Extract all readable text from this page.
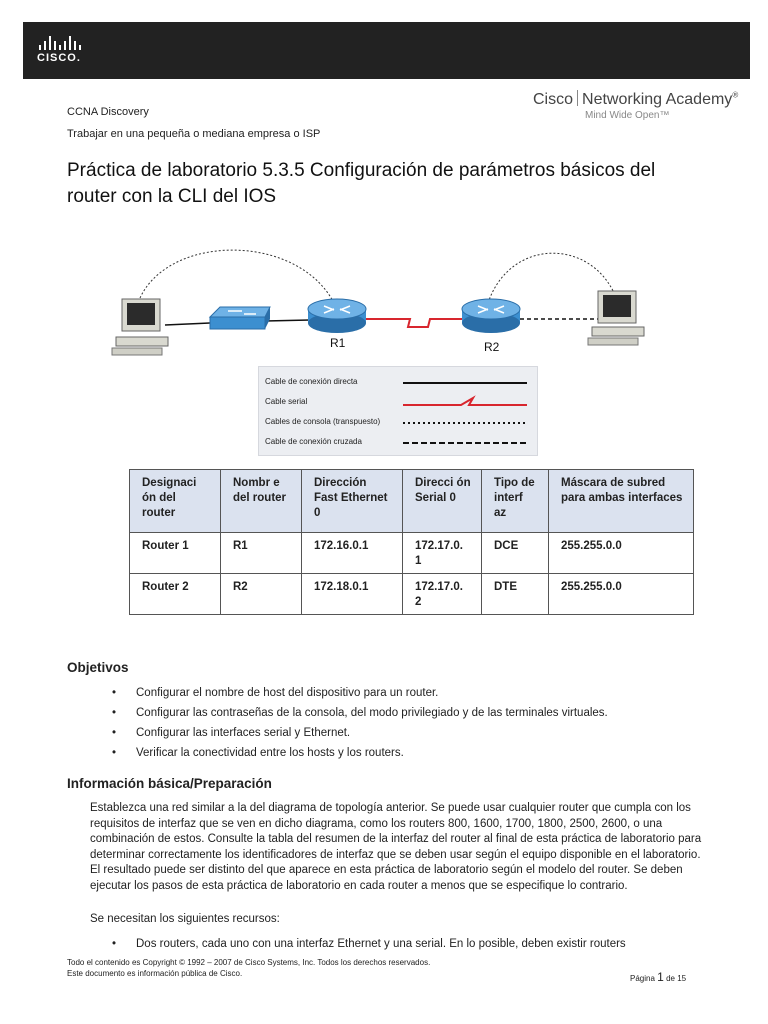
CISCO.
CCNA Discovery
Trabajar en una pequeña o mediana empresa o ISP
Cisco Networking Academy®
Mind Wide Open™
Práctica de laboratorio 5.3.5 Configuración de parámetros básicos del router con la CLI del IOS
R1	R2
Cable de conexión directa
Cable serial
Cables de consola (transpuesto)
Cable de conexión cruzada
Designaci ón del router	Nombr e del router	Dirección Fast Ethernet 0	Direcci ón Serial 0	Tipo de interf az	Máscara de subred para ambas interfaces
Router 1	R1	172.16.0.1	172.17.0. 1	DCE	255.255.0.0
Router 2	R2	172.18.0.1	172.17.0. 2	DTE	255.255.0.0
Objetivos
• Configurar el nombre de host del dispositivo para un router.
• Configurar las contraseñas de la consola, del modo privilegiado y de las terminales virtuales.
• Configurar las interfaces serial y Ethernet.
• Verificar la conectividad entre los hosts y los routers.
Información básica/Preparación
Establezca una red similar a la del diagrama de topología anterior. Se puede usar cualquier router que cumpla con los requisitos de interfaz que se ven en dicho diagrama, como los routers 800, 1600, 1700, 1800, 2500, 2600, o una combinación de estos. Consulte la tabla del resumen de la interfaz del router al final de esta práctica de laboratorio para determinar correctamente los identificadores de interfaz que se deben usar según el equipo disponible en el laboratorio. El resultado puede ser distinto del que aparece en esta práctica de laboratorio según el modelo del router. Se deben ejecutar los pasos de esta práctica de laboratorio en cada router a menos que se especifique lo contrario.
Se necesitan los siguientes recursos:
• Dos routers, cada uno con una interfaz Ethernet y una serial. En lo posible, deben existir routers
Todo el contenido es Copyright © 1992 – 2007 de Cisco Systems, Inc. Todos los derechos reservados.
Este documento es información pública de Cisco.
Página 1 de 15
